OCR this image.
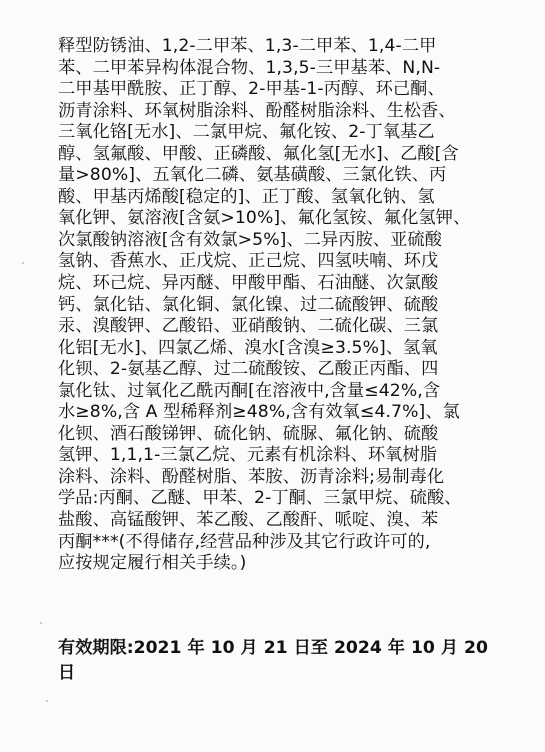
释型防锈油、1,2-二甲苯、1,3-二甲苯、1,4-二甲
苯、二甲苯异构体混合物、1,3,5-三甲基苯、N,N-
二甲基甲酰胺、正丁醇、2-甲基-1-丙醇、环己酮、
沥青涂料、环氧树脂涂料、酚醛树脂涂料、生松香、
三氧化铬[无水]、二氯甲烷、氟化铵、2-丁氧基乙
醇、氢氟酸、甲酸、正磷酸、氟化氢[无水]、乙酸[含
量>80%]、五氧化二磷、氨基磺酸、三氯化铁、丙
酸、甲基丙烯酸[稳定的]、正丁酸、氢氧化钠、氢
氧化钾、氨溶液[含氨>10%]、氟化氢铵、氟化氢钾、
次氯酸钠溶液[含有效氯>5%]、二异丙胺、亚硫酸
氢钠、香蕉水、正戊烷、正己烷、四氢呋喃、环戊
烷、环己烷、异丙醚、甲酸甲酯、石油醚、次氯酸
钙、氯化钴、氯化铜、氯化镍、过二硫酸钾、硫酸
汞、溴酸钾、乙酸铅、亚硝酸钠、二硫化碳、三氯
化铝[无水]、四氯乙烯、溴水[含溴≥3.5%]、氢氧
化钡、2-氨基乙醇、过二硫酸铵、乙酸正丙酯、四
氯化钛、过氧化乙酰丙酮[在溶液中,含量≤42%,含
水≥8%,含 A 型稀释剂≥48%,含有效氧≤4.7%]、氯
化钡、酒石酸锑钾、硫化钠、硫脲、氟化钠、硫酸
氢钾、1,1,1-三氯乙烷、元素有机涂料、环氧树脂
涂料、涂料、酚醛树脂、苯胺、沥青涂料;易制毒化
学品:丙酮、乙醚、甲苯、2-丁酮、三氯甲烷、硫酸、
盐酸、高锰酸钾、苯乙酸、乙酸酐、哌啶、溴、苯
丙酮***(不得储存,经营品种涉及其它行政许可的,
应按规定履行相关手续。)
有效期限:2021 年 10 月 21 日至 2024 年 10 月 20
日
